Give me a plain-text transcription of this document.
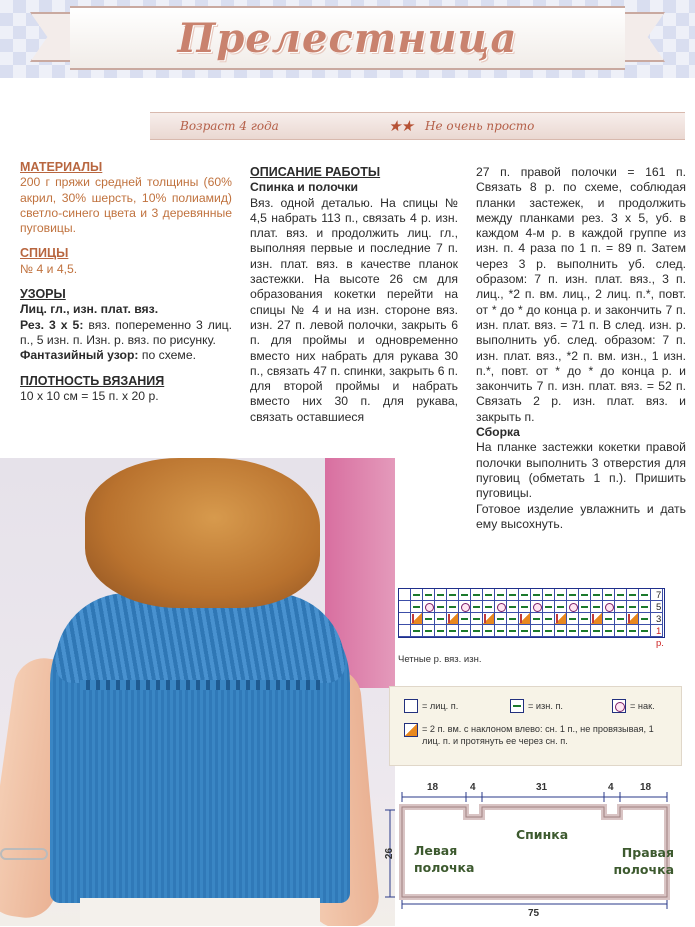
Прелестница
Возраст 4 года	★★ Не очень просто
МАТЕРИАЛЫ
200 г пряжи средней толщины (60% акрил, 30% шерсть, 10% полиамид) светло-синего цвета и 3 деревянные пуговицы.
СПИЦЫ
№ 4 и 4,5.
УЗОРЫ
Лиц. гл., изн. плат. вяз.
Рез. 3 х 5: вяз. попеременно 3 лиц. п., 5 изн. п. Изн. р. вяз. по рисунку.
Фантазийный узор: по схеме.
ПЛОТНОСТЬ ВЯЗАНИЯ
10 х 10 см = 15 п. х 20 р.
ОПИСАНИЕ РАБОТЫ
Спинка и полочки
Вяз. одной деталью. На спицы № 4,5 набрать 113 п., связать 4 р. изн. плат. вяз. и продолжить лиц. гл., выполняя первые и последние 7 п. изн. плат. вяз. в качестве планок застежки. На высоте 26 см для образования кокетки перейти на спицы № 4 и на изн. стороне вяз. изн. 27 п. левой полочки, закрыть 6 п. для проймы и одновременно вместо них набрать для рукава 30 п., связать 47 п. спинки, закрыть 6 п. для второй проймы и набрать вместо них 30 п. для рукава, связать оставшиеся
27 п. правой полочки = 161 п. Связать 8 р. по схеме, соблюдая планки застежек, и продолжить между планками рез. 3 х 5, уб. в каждом 4-м р. в каждой группе из изн. п. 4 раза по 1 п. = 89 п. Затем через 3 р. выполнить уб. след. образом: 7 п. изн. плат. вяз., 3 п. лиц., *2 п. вм. лиц., 2 лиц. п.*, повт. от * до * до конца р. и закончить 7 п. изн. плат. вяз. = 71 п. В след. изн. р. выполнить уб. след. образом: 7 п. изн. плат. вяз., *2 п. вм. изн., 1 изн. п.*, повт. от * до * до конца р. и закончить 7 п. изн. плат. вяз. = 52 п. Связать 2 р. изн. плат. вяз. и закрыть п.
Сборка
На планке застежки кокетки правой полочки выполнить 3 отверстия для пуговиц (обметать 1 п.). Пришить пуговицы.
Готовое изделие увлажнить и дать ему высохнуть.
7
5
3
1 р.
Четные р. вяз. изн.
= лиц. п.	= изн. п.	= нак.
= 2 п. вм. с наклоном влево: сн. 1 п., не провязывая, 1 лиц. п. и протянуть ее через сн. п.
18	4	31	4	18
26
75
Спинка
Левая полочка
Правая полочка
